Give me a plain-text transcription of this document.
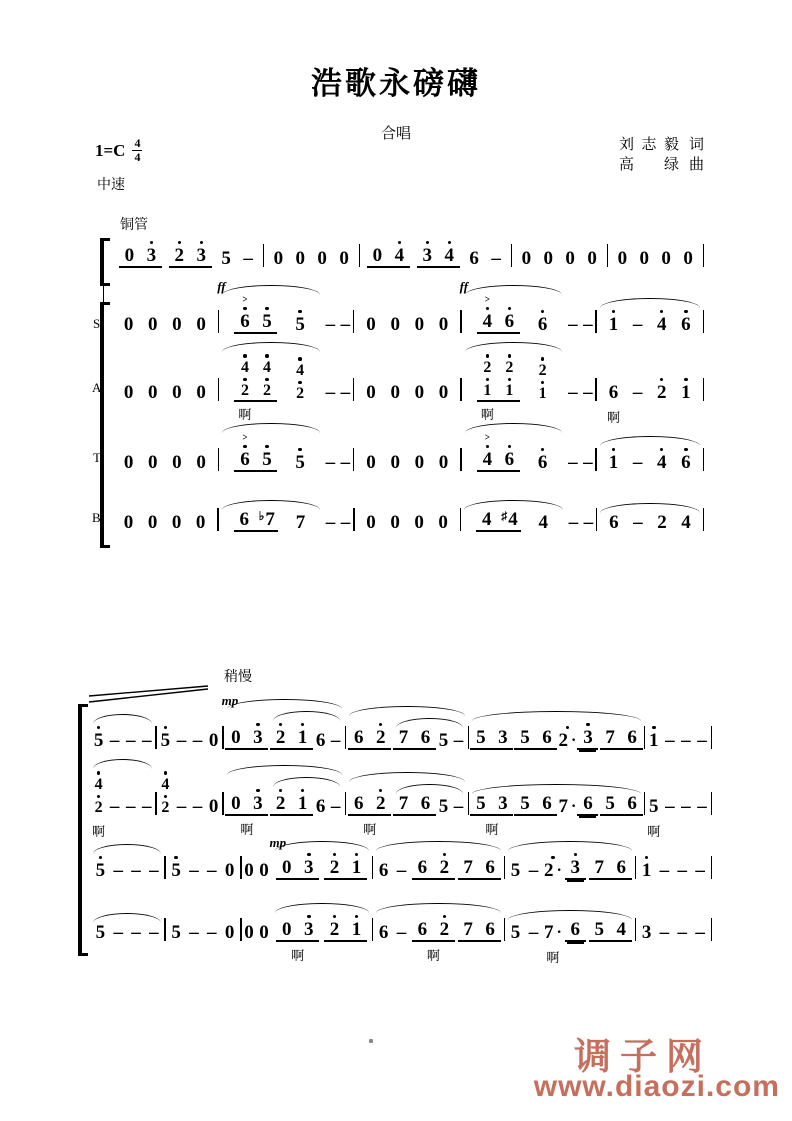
浩歌永磅礴
合唱
$1=C \frac{4}{4}$	刘志毅 词
高 绿 曲
中速
铜管
S
A
T
B
0 3 2 3 5 – 0 0 0 0 0 4 3 4 6 – 0 0 0 0 0 0 0 0
0 0 0 0
ff
>
6 5 5 – – 0 0 0 0
ff
>
4 6 6 – – 1 – 4 6
0 0 0 0
4
2
啊
4
2
4
2 – – 0 0 0 0
2
1
啊
2
1
2
1 – – 6
啊
– 2 1
0 0 0 0
>
6 5 5 – – 0 0 0 0
>
4 6 6 – – 1 – 4 6
0 0 0 0 6 ♭ 7 7 – – 0 0 0 0 4 ♯ 4 4 – – 6 – 2 4
稍慢
5 – – – 5 – – 0
mp
0 3 2 1 6 – 6 2 7 6 5 – 5 3 5 6 2 · 3 7 6 1 – – –
4
2
啊
– – –
4
2 – – 0 0 3
啊
2 1 6 – 6 2
啊
7 6 5 – 5 3
啊
5 6 7 · 6 5 6 5
啊
– – –
5 – – – 5 – – 0 0 0
mp
0 3 2 1 6 – 6 2 7 6 5 – 2 · 3 7 6 1 – – –
5 – – – 5 – – 0 0 0 0 3
啊
2 1 6 – 6 2
啊
7 6 5 – 7 ·
啊
6 5 4 3 – – –
调子网
www.diaozi.com
